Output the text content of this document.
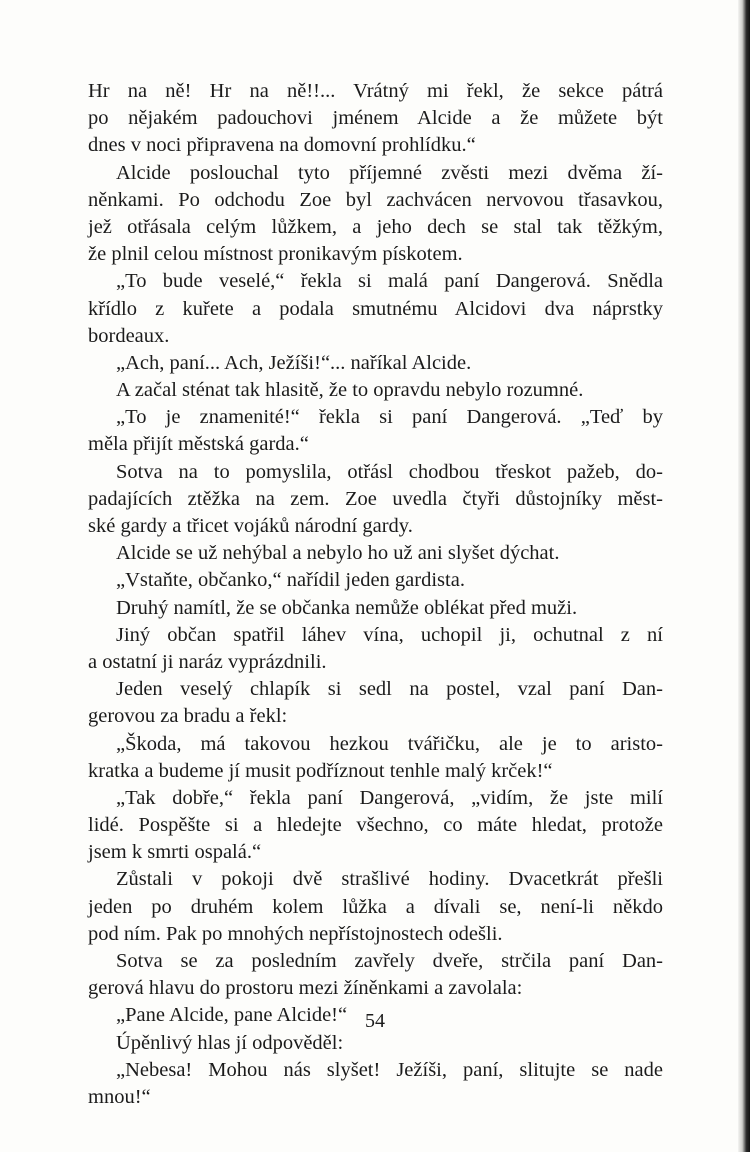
Hr na ně! Hr na ně!!... Vrátný mi řekl, že sekce pátrá
po nějakém padouchovi jménem Alcide a že můžete být
dnes v noci připravena na domovní prohlídku.“
Alcide poslouchal tyto příjemné zvěsti mezi dvěma ží-
něnkami. Po odchodu Zoe byl zachvácen nervovou třasavkou,
jež otřásala celým lůžkem, a jeho dech se stal tak těžkým,
že plnil celou místnost pronikavým pískotem.
„To bude veselé,“ řekla si malá paní Dangerová. Snědla
křídlo z kuřete a podala smutnému Alcidovi dva náprstky
bordeaux.
„Ach, paní... Ach, Ježíši!“... naříkal Alcide.
A začal sténat tak hlasitě, že to opravdu nebylo rozumné.
„To je znamenité!“ řekla si paní Dangerová. „Teď by
měla přijít městská garda.“
Sotva na to pomyslila, otřásl chodbou třeskot pažeb, do-
padajících ztěžka na zem. Zoe uvedla čtyři důstojníky měst-
ské gardy a třicet vojáků národní gardy.
Alcide se už nehýbal a nebylo ho už ani slyšet dýchat.
„Vstaňte, občanko,“ nařídil jeden gardista.
Druhý namítl, že se občanka nemůže oblékat před muži.
Jiný občan spatřil láhev vína, uchopil ji, ochutnal z ní
a ostatní ji naráz vyprázdnili.
Jeden veselý chlapík si sedl na postel, vzal paní Dan-
gerovou za bradu a řekl:
„Škoda, má takovou hezkou tvářičku, ale je to aristo-
kratka a budeme jí musit podříznout tenhle malý krček!“
„Tak dobře,“ řekla paní Dangerová, „vidím, že jste milí
lidé. Pospěšte si a hledejte všechno, co máte hledat, protože
jsem k smrti ospalá.“
Zůstali v pokoji dvě strašlivé hodiny. Dvacetkrát přešli
jeden po druhém kolem lůžka a dívali se, není-li někdo
pod ním. Pak po mnohých nepřístojnostech odešli.
Sotva se za posledním zavřely dveře, strčila paní Dan-
gerová hlavu do prostoru mezi žíněnkami a zavolala:
„Pane Alcide, pane Alcide!“
Úpěnlivý hlas jí odpověděl:
„Nebesa! Mohou nás slyšet! Ježíši, paní, slitujte se nade
mnou!“
54
